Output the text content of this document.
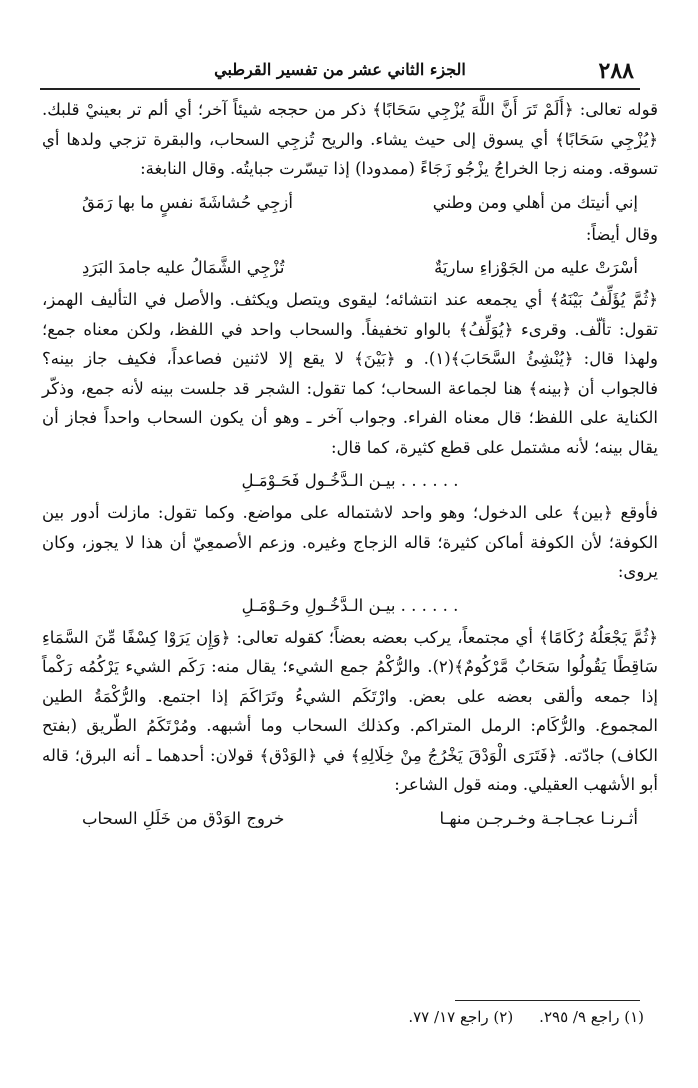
٢٨٨
الجزء الثاني عشر من تفسير القرطبي

قوله تعالى: ﴿أَلَمْ تَرَ أَنَّ اللَّهَ يُزْجِي سَحَابًا﴾ ذكر من حججه شيئاً آخر؛ أي ألم تر بعينيْ قلبك. ﴿يُزْجِي سَحَابًا﴾ أي يسوق إلى حيث يشاء. والريح تُزجِي السحاب، والبقرة تزجي ولدها أي تسوقه. ومنه زجا الخراجُ يزْجُو زَجَاءً (ممدودا) إذا تيسّرت جبايتُه. وقال النابغة:

إني أنيتك من أهلي ومن وطني
أزجِي حُشاشَةَ نفسٍ ما بها رَمَقُ

وقال أيضاً:

أسْرَتْ عليه من الجَوْزاءِ ساريَةٌ
تُزْجِي الشَّمَالُ عليه جامدَ البَرَدِ

﴿ثُمَّ يُؤَلِّفُ بَيْنَهُ﴾ أي يجمعه عند انتشائه؛ ليقوى ويتصل ويكثف. والأصل في التأليف الهمز، تقول: تألّف. وقرىء ﴿يُوَلِّفُ﴾ بالواو تخفيفاً. والسحاب واحد في اللفظ، ولكن معناه جمع؛ ولهذا قال: ﴿يُنْشِئُ السَّحَابَ﴾(١). و ﴿بَيْنَ﴾ لا يقع إلا لاثنين فصاعداً، فكيف جاز بينه؟ فالجواب أن ﴿بينه﴾ هنا لجماعة السحاب؛ كما تقول: الشجر قد جلست بينه لأنه جمع، وذكّر الكناية على اللفظ؛ قال معناه الفراء. وجواب آخر ـ وهو أن يكون السحاب واحداً فجاز أن يقال بينه؛ لأنه مشتمل على قطع كثيرة، كما قال:

. . . . . . بيـن الـدَّخُـول فَحَـوْمَـلِ

فأوقع ﴿بين﴾ على الدخول؛ وهو واحد لاشتماله على مواضع. وكما تقول: مازلت أدور بين الكوفة؛ لأن الكوفة أماكن كثيرة؛ قاله الزجاج وغيره. وزعم الأصمعِيّ أن هذا لا يجوز، وكان يروى:

. . . . . . بيـن الـدَّخُـولِ وحَـوْمَـلِ

﴿ثُمَّ يَجْعَلُهُ رُكَامًا﴾ أي مجتمعاً، يركب بعضه بعضاً؛ كقوله تعالى: ﴿وَإِن يَرَوْا كِسْفًا مِّنَ السَّمَاءِ سَاقِطًا يَقُولُوا سَحَابٌ مَّرْكُومٌ﴾(٢). والرُّكْمُ جمع الشيء؛ يقال منه: رَكَم الشيء يَرْكُمُه رَكْماً إذا جمعه وألقى بعضه على بعض. وارْتَكَم الشيءُ وتَرَاكَمَ إذا اجتمع. والرُّكْمَةُ الطين المجموع. والرُّكَام: الرمل المتراكم. وكذلك السحاب وما أشبهه. ومُرْتَكَمُ الطّريق (بفتح الكاف) جادّته. ﴿فَتَرَى الْوَدْقَ يَخْرُجُ مِنْ خِلَالِهِ﴾ في ﴿الوَدْق﴾ قولان: أحدهما ـ أنه البرق؛ قاله أبو الأشهب العقيلي. ومنه قول الشاعر:

أثـرنـا عجـاجـة وخـرجـن منهـا
خروج الوَدْق من خَلَلِ السحاب
(١) راجع ٩/ ٢٩٥.
(٢) راجع ١٧/ ٧٧.
